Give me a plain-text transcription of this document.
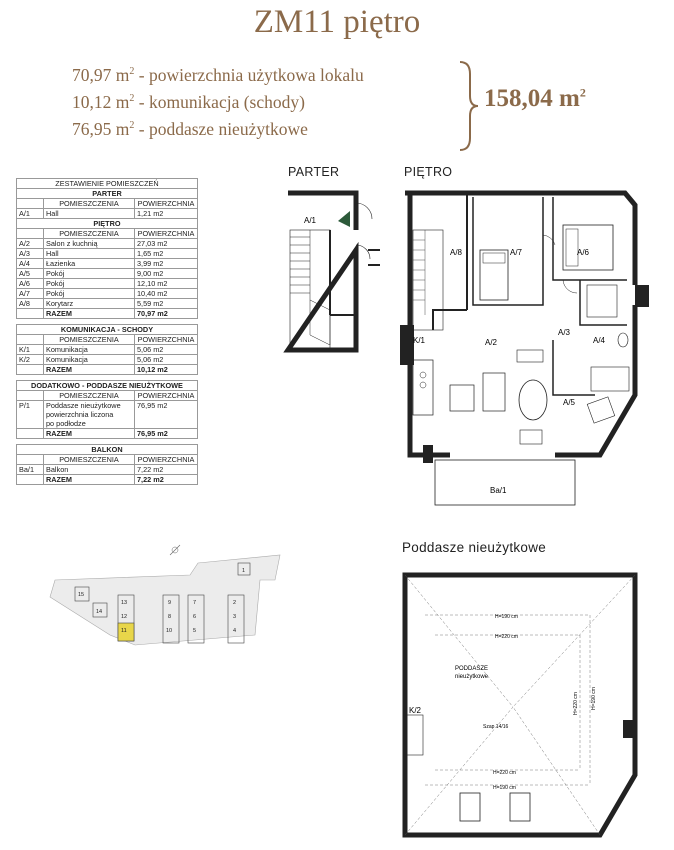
ZM11 piętro
70,97 $m^2$ - powierzchnia użytkowa lokalu
10,12 $m^2$ - komunikacja (schody)
76,95 $m^2$ - poddasze nieużytkowe
158,04 $m^2$
ZESTAWIENIE POMIESZCZEŃ		
PARTER		
	POMIESZCZENIA	POWIERZCHNIA
A/1	Hall	1,21 m2
PIĘTRO		
	POMIESZCZENIA	POWIERZCHNIA
A/2	Salon z kuchnią	27,03 m2
A/3	Hall	1,65 m2
A/4	Łazienka	3,99 m2
A/5	Pokój	9,00 m2
A/6	Pokój	12,10 m2
A/7	Pokój	10,40 m2
A/8	Korytarz	5,59 m2
	RAZEM	70,97 m2

KOMUNIKACJA - SCHODY		
	POMIESZCZENIA	POWIERZCHNIA
K/1	Komunikacja	5,06 m2
K/2	Komunikacja	5,06 m2
	RAZEM	10,12 m2

DODATKOWO - PODDASZE NIEUŻYTKOWE		
	POMIESZCZENIA	POWIERZCHNIA
P/1	Poddasze nieużytkowe
powierzchnia liczona
po podłodze	76,95 m2
	RAZEM	76,95 m2

BALKON		
	POMIESZCZENIA	POWIERZCHNIA
Ba/1	Balkon	7,22 m2
	RAZEM	7,22 m2
PARTER	PIĘTRO
Poddasze nieużytkowe
A/1
A/8	A/7	A/6
A/2
A/3
A/4
A/5
K/1
Ba/1
H=190 cm
H=220 cm
H=220 cm
H=190 cm
PODDASZE
nieużytkowe
Szap 14/16
H=220 cm H=190 cm
K/2
1
2
3
4
7
6
5
9
8
10
13
12
11
14
15
